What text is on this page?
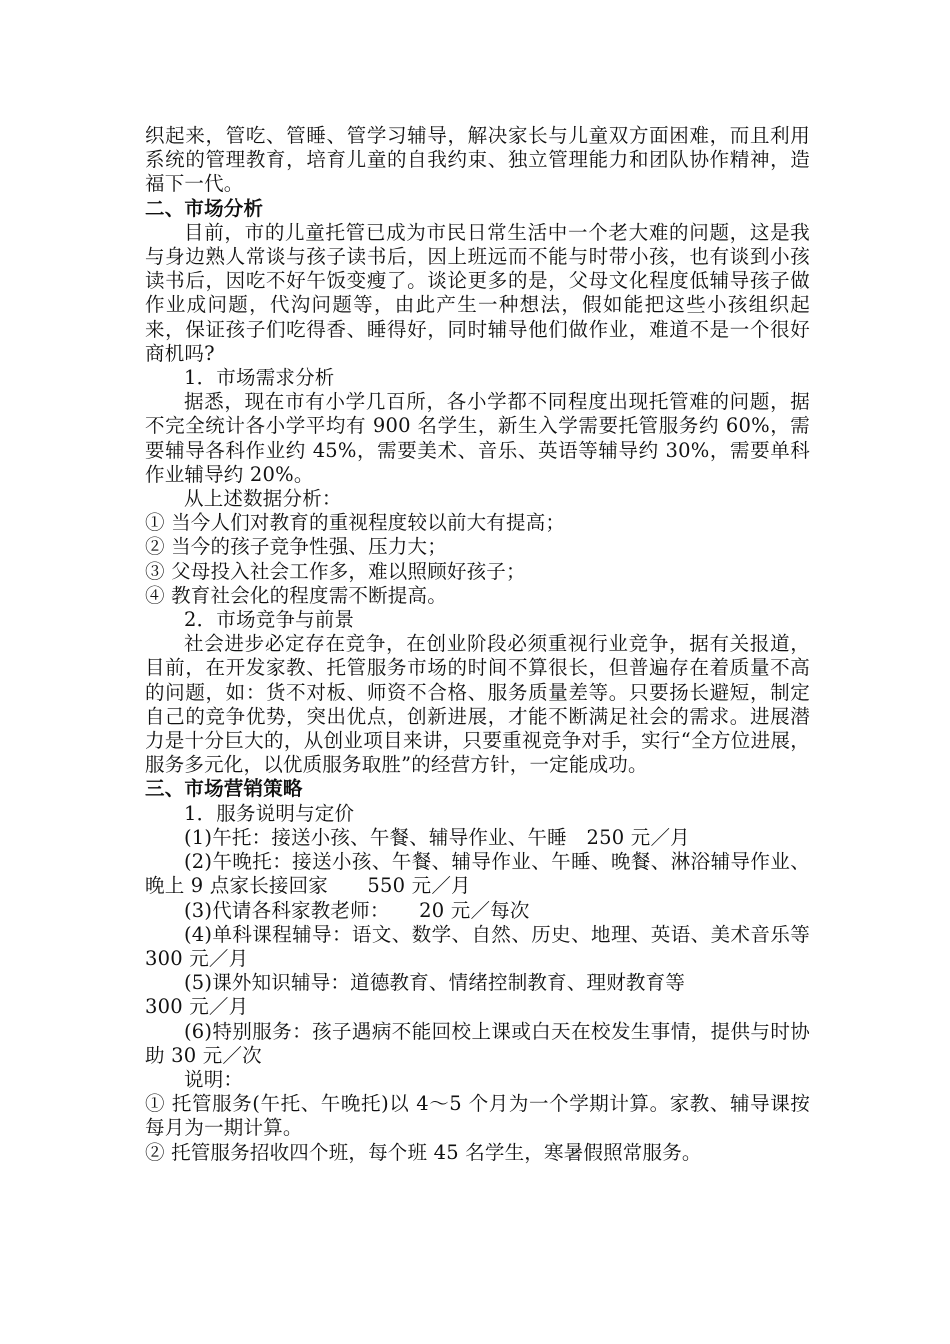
织起来，管吃、管睡、管学习辅导，解决家长与儿童双方面困难，而且利用系统的管理教育，培育儿童的自我约束、独立管理能力和团队协作精神，造福下一代。

二、市场分析

目前，市的儿童托管已成为市民日常生活中一个老大难的问题，这是我与身边熟人常谈与孩子读书后，因上班远而不能与时带小孩，也有谈到小孩读书后，因吃不好午饭变瘦了。谈论更多的是，父母文化程度低辅导孩子做作业成问题，代沟问题等，由此产生一种想法，假如能把这些小孩组织起来，保证孩子们吃得香、睡得好，同时辅导他们做作业，难道不是一个很好商机吗?

1．市场需求分析

据悉，现在市有小学几百所，各小学都不同程度出现托管难的问题，据不完全统计各小学平均有 900 名学生，新生入学需要托管服务约 60%，需要辅导各科作业约 45%，需要美术、音乐、英语等辅导约 30%，需要单科作业辅导约 20%。

从上述数据分析：

① 当今人们对教育的重视程度较以前大有提高；

② 当今的孩子竞争性强、压力大；

③ 父母投入社会工作多，难以照顾好孩子；

④ 教育社会化的程度需不断提高。

2．市场竞争与前景

社会进步必定存在竞争，在创业阶段必须重视行业竞争，据有关报道，目前，在开发家教、托管服务市场的时间不算很长，但普遍存在着质量不高的问题，如：货不对板、师资不合格、服务质量差等。只要扬长避短，制定自己的竞争优势，突出优点，创新进展，才能不断满足社会的需求。进展潜力是十分巨大的，从创业项目来讲，只要重视竞争对手，实行“全方位进展，服务多元化，以优质服务取胜”的经营方针，一定能成功。

三、市场营销策略

1．服务说明与定价

(1)午托：接送小孩、午餐、辅导作业、午睡　250 元／月

(2)午晚托：接送小孩、午餐、辅导作业、午睡、晚餐、淋浴辅导作业、晚上 9 点家长接回家　　550 元／月

(3)代请各科家教老师：　　20 元／每次

(4)单科课程辅导：语文、数学、自然、历史、地理、英语、美术音乐等　300 元／月

(5)课外知识辅导：道德教育、情绪控制教育、理财教育等
300 元／月

(6)特别服务：孩子遇病不能回校上课或白天在校发生事情，提供与时协助 30 元／次

说明：

① 托管服务(午托、午晚托)以 4～5 个月为一个学期计算。家教、辅导课按每月为一期计算。

② 托管服务招收四个班，每个班 45 名学生，寒暑假照常服务。
